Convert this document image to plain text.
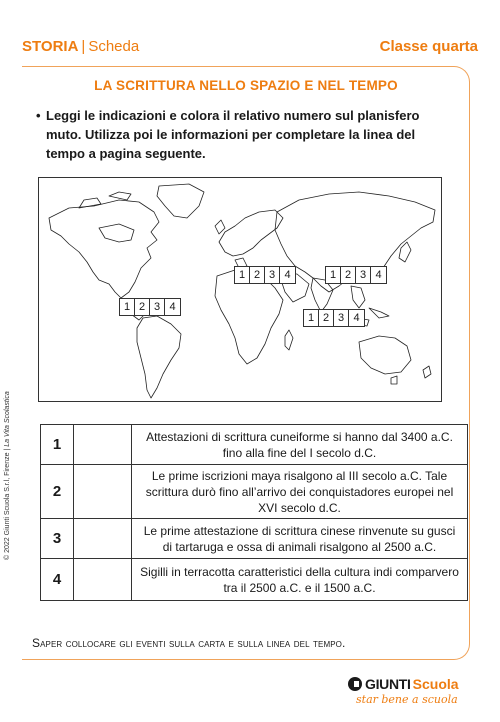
STORIA | Scheda	Classe quarta
LA SCRITTURA NELLO SPAZIO E NEL TEMPO
• Leggi le indicazioni e colora il relativo numero sul planisfero muto. Utilizza poi le informazioni per completare la linea del tempo a pagina seguente.
1 2 3 4
1 2 3 4	1 2 3 4
1 2 3 4
1		Attestazioni di scrittura cuneiforme si hanno dal 3400 a.C. fino alla fine del I secolo d.C.
2		Le prime iscrizioni maya risalgono al III secolo a.C. Tale scrittura durò fino all’arrivo dei conquistadores europei nel XVI secolo d.C.
3		Le prime attestazione di scrittura cinese rinvenute su gusci di tartaruga e ossa di animali risalgono al 2500 a.C.
4		Sigilli in terracotta caratteristici della cultura indi comparvero tra il 2500 a.C. e il 1500 a.C.
Saper collocare gli eventi sulla carta e sulla linea del tempo.
© 2022 Giunti Scuola S.r.l, Firenze | La Vita Scolastica
GIUNTI Scuola
star bene a scuola
